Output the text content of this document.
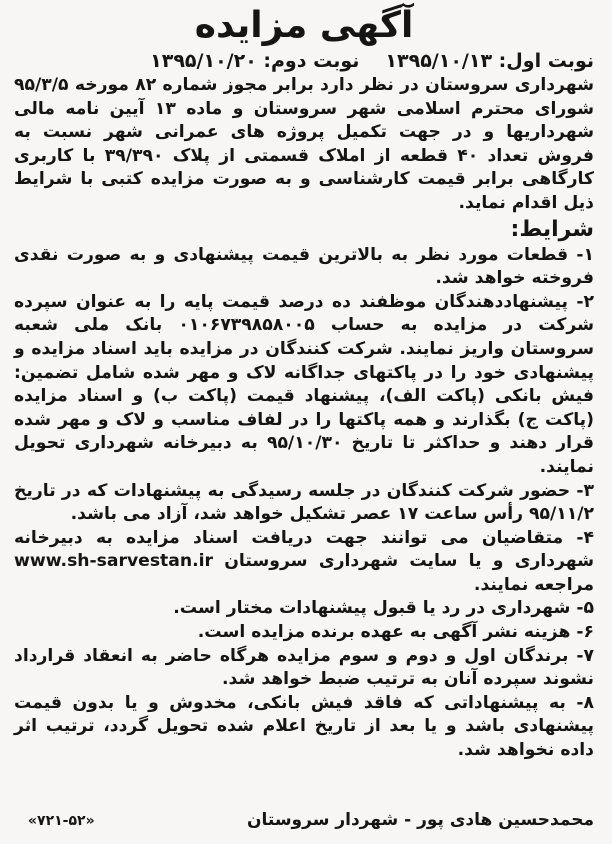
آگهی مزایده
نوبت اول: ۱۳۹۵/۱۰/۱۳
نوبت دوم: ۱۳۹۵/۱۰/۲۰

شهرداری سروستان در نظر دارد برابر مجوز شماره ۸۲ مورخه ۹۵/۳/۵ شورای محترم اسلامی شهر سروستان و ماده ۱۳ آیین نامه مالی شهرداریها و در جهت تکمیل پروژه های عمرانی شهر نسبت به فروش تعداد ۴۰ قطعه از املاک قسمتی از پلاک ۳۹/۳۹۰ با کاربری کارگاهی برابر قیمت کارشناسی و به صورت مزایده کتبی با شرایط ذیل اقدام نماید.

شرایط:

۱- قطعات مورد نظر به بالاترین قیمت پیشنهادی و به صورت نقدی فروخته خواهد شد.

۲- پیشنهاددهندگان موظفند ده درصد قیمت پایه را به عنوان سپرده شرکت در مزایده به حساب ۰۱۰۶۷۳۹۸۵۸۰۰۵ بانک ملی شعبه سروستان واریز نمایند. شرکت کنندگان در مزایده باید اسناد مزایده و پیشنهادی خود را در پاکتهای جداگانه لاک و مهر شده شامل تضمین: فیش بانکی (پاکت الف)، پیشنهاد قیمت (پاکت ب) و اسناد مزایده (پاکت ج) بگذارند و همه پاکتها را در لفاف مناسب و لاک و مهر شده قرار دهند و حداکثر تا تاریخ ۹۵/۱۰/۳۰ به دبیرخانه شهرداری تحویل نمایند.

۳- حضور شرکت کنندگان در جلسه رسیدگی به پیشنهادات که در تاریخ ۹۵/۱۱/۲ رأس ساعت ۱۷ عصر تشکیل خواهد شد، آزاد می باشد.

۴- متقاضیان می توانند جهت دریافت اسناد مزایده به دبیرخانه شهرداری و یا سایت شهرداری سروستان www.sh-sarvestan.ir مراجعه نمایند.

۵- شهرداری در رد یا قبول پیشنهادات مختار است.

۶- هزینه نشر آگهی به عهده برنده مزایده است.

۷- برندگان اول و دوم و سوم مزایده هرگاه حاضر به انعقاد قرارداد نشوند سپرده آنان به ترتیب ضبط خواهد شد.

۸- به پیشنهاداتی که فاقد فیش بانکی، مخدوش و یا بدون قیمت پیشنهادی باشد و یا بعد از تاریخ اعلام شده تحویل گردد، ترتیب اثر داده نخواهد شد.

محمدحسین هادی پور - شهردار سروستان
«۷۲۱-۵۲»
